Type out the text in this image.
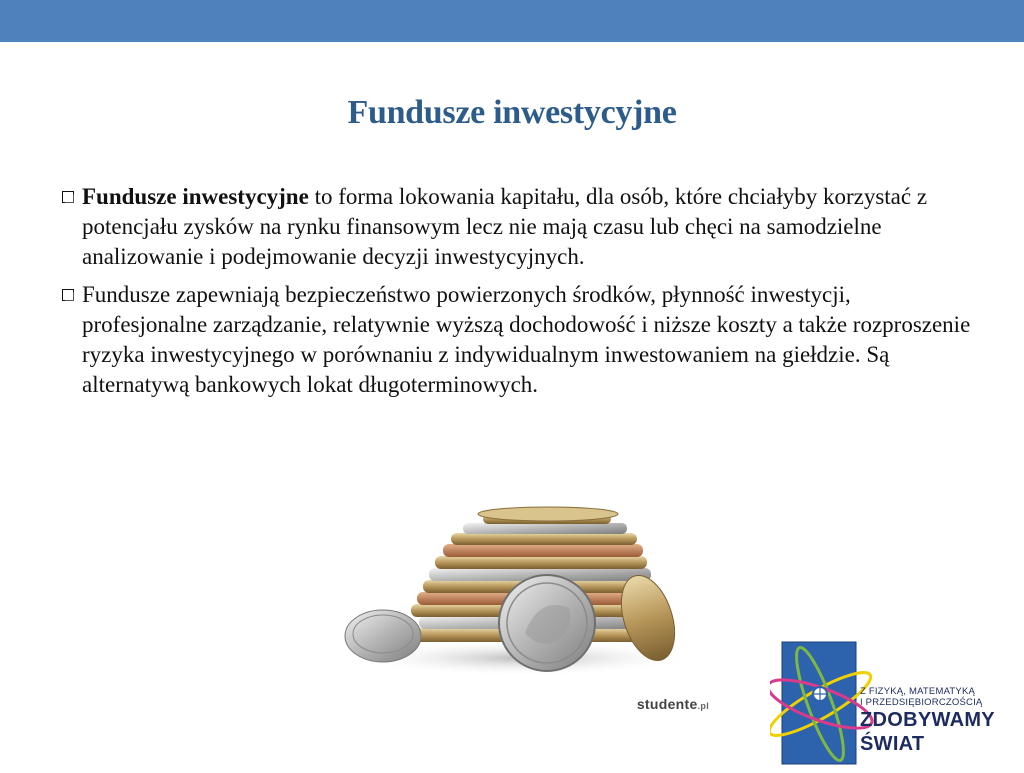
Fundusze inwestycyjne
Fundusze inwestycyjne to forma lokowania kapitału, dla osób, które chciałyby korzystać z potencjału zysków na rynku finansowym lecz nie mają czasu lub chęci na samodzielne analizowanie i podejmowanie decyzji inwestycyjnych.
Fundusze zapewniają bezpieczeństwo powierzonych środków, płynność inwestycji, profesjonalne zarządzanie, relatywnie wyższą dochodowość i niższe koszty a także rozproszenie ryzyka inwestycyjnego w porównaniu z indywidualnym inwestowaniem na giełdzie. Są alternatywą bankowych lokat długoterminowych.
studente.pl
Z FIZYKĄ, MATEMATYKĄ
I PRZEDSIĘBIORCZOŚCIĄ
ZDOBYWAMY
ŚWIAT
